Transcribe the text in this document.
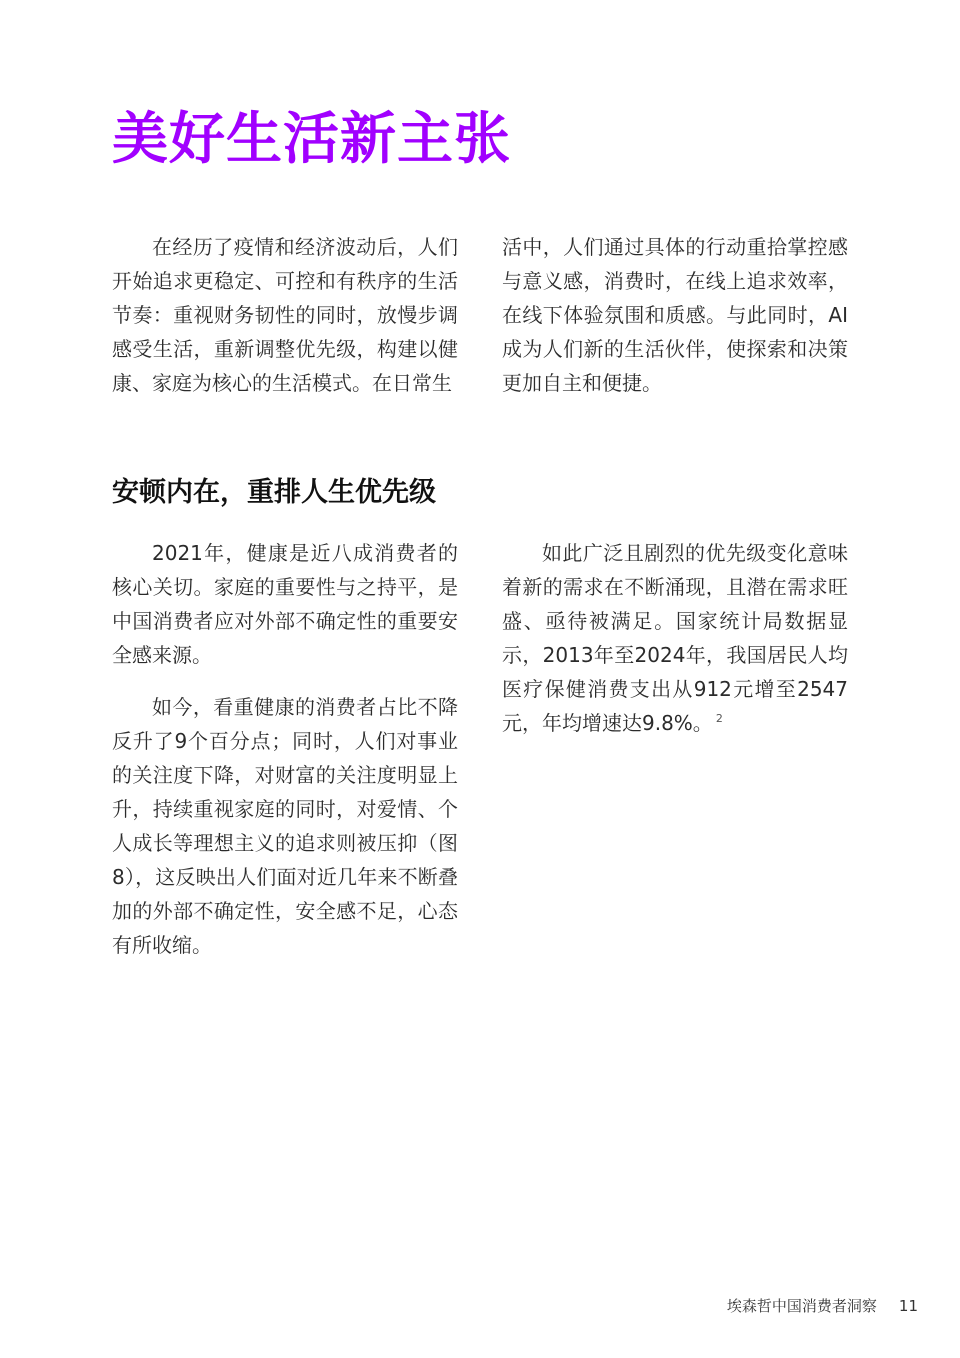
美好生活新主张

在经历了疫情和经济波动后，人们开始追求更稳定、可控和有秩序的生活节奏：重视财务韧性的同时，放慢步调感受生活，重新调整优先级，构建以健康、家庭为核心的生活模式。在日常生

活中，人们通过具体的行动重拾掌控感与意义感，消费时，在线上追求效率，在线下体验氛围和质感。与此同时，AI成为人们新的生活伙伴，使探索和决策更加自主和便捷。

安顿内在，重排人生优先级

2021年，健康是近八成消费者的核心关切。家庭的重要性与之持平，是中国消费者应对外部不确定性的重要安全感来源。

如今，看重健康的消费者占比不降反升了9个百分点；同时，人们对事业的关注度下降，对财富的关注度明显上升，持续重视家庭的同时，对爱情、个人成长等理想主义的追求则被压抑（图8），这反映出人们面对近几年来不断叠加的外部不确定性，安全感不足，心态有所收缩。

如此广泛且剧烈的优先级变化意味着新的需求在不断涌现，且潜在需求旺盛、亟待被满足。国家统计局数据显示，2013年至2024年，我国居民人均医疗保健消费支出从912元增至2547元，年均增速达9.8%。 $^2$

埃森哲中国消费者洞察 11
